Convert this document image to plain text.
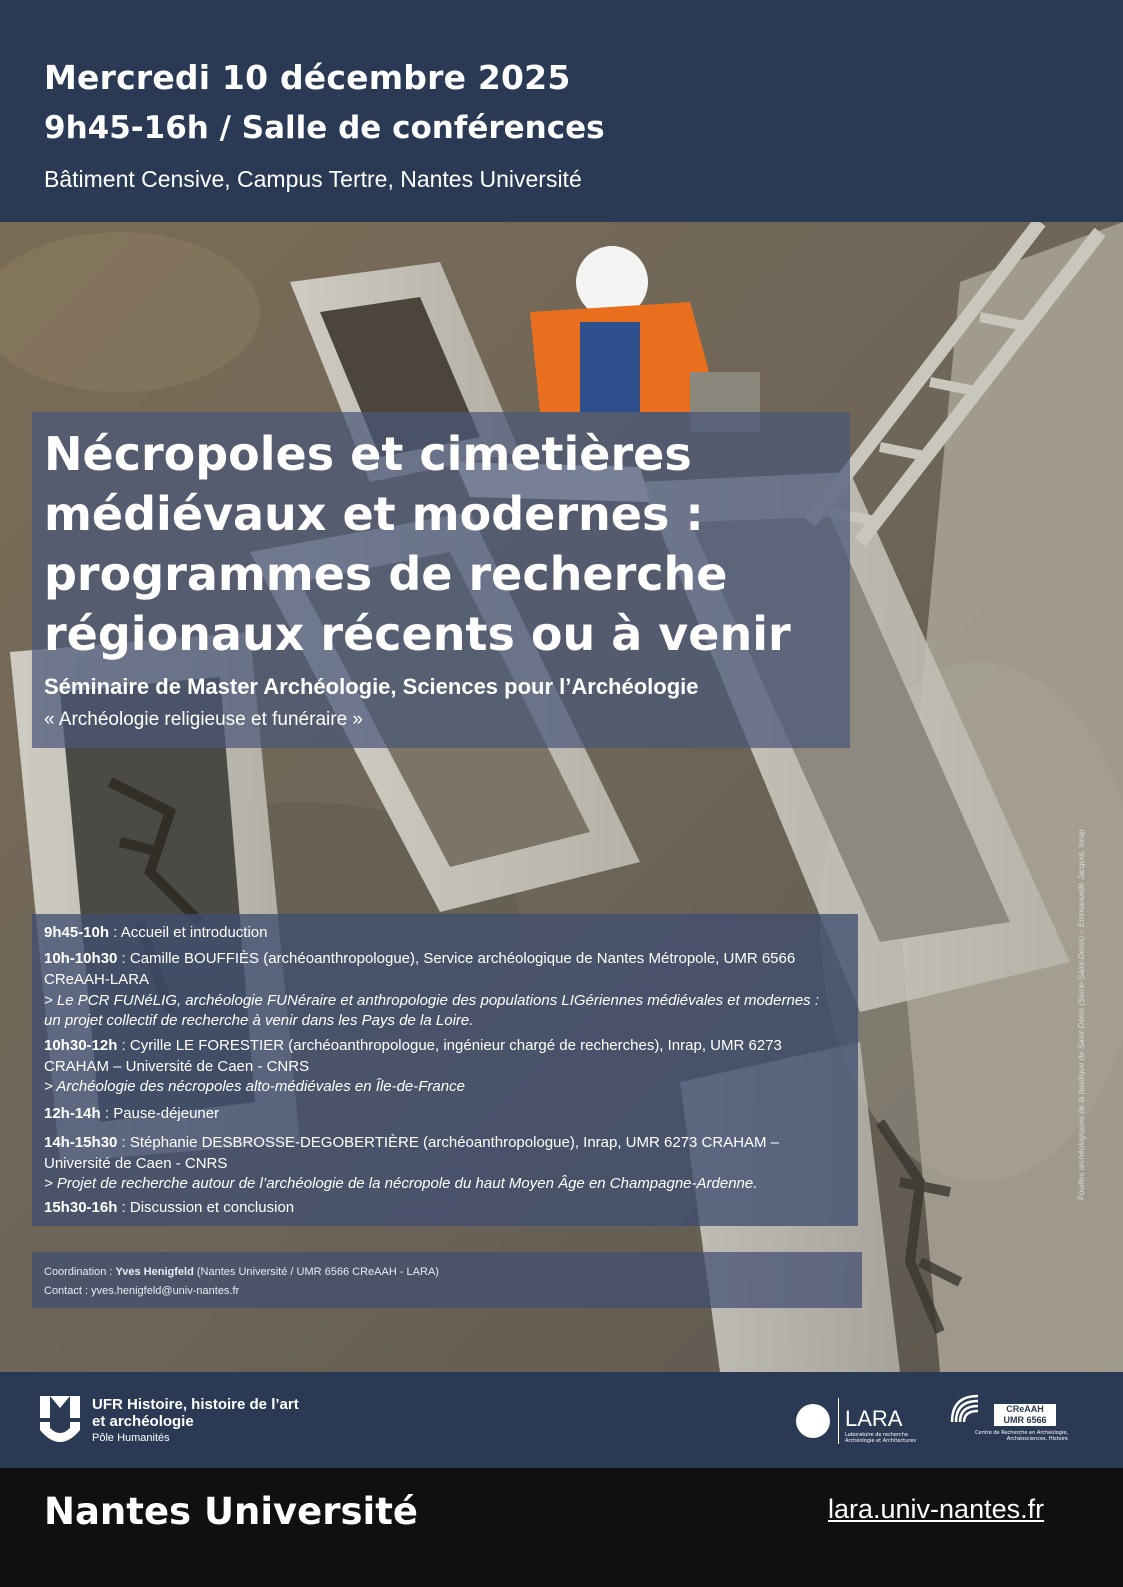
Mercredi 10 décembre 2025
9h45-16h / Salle de conférences
Bâtiment Censive, Campus Tertre, Nantes Université
Fouilles archéologiques de la basilique de Saint-Denis (Seine-Saint-Denis) – Emmanuelle Jacquot, Inrap
Nécropoles et cimetières
médiévaux et modernes :
programmes de recherche
régionaux récents ou à venir
Séminaire de Master Archéologie, Sciences pour l’Archéologie
« Archéologie religieuse et funéraire »
9h45-10h : Accueil et introduction
10h-10h30 : Camille BOUFFIÈS (archéoanthropologue), Service archéologique de Nantes Métropole, UMR 6566
CReAAH-LARA
> Le PCR FUNéLIG, archéologie FUNéraire et anthropologie des populations LIGériennes médiévales et modernes :
un projet collectif de recherche à venir dans les Pays de la Loire.
10h30-12h : Cyrille LE FORESTIER (archéoanthropologue, ingénieur chargé de recherches), Inrap, UMR 6273
CRAHAM – Université de Caen - CNRS
> Archéologie des nécropoles alto-médiévales en Île-de-France
12h-14h : Pause-déjeuner
14h-15h30 : Stéphanie DESBROSSE-DEGOBERTIÈRE (archéoanthropologue), Inrap, UMR 6273 CRAHAM –
Université de Caen - CNRS
> Projet de recherche autour de l’archéologie de la nécropole du haut Moyen Âge en Champagne-Ardenne.
15h30-16h : Discussion et conclusion
Coordination : Yves Henigfeld (Nantes Université / UMR 6566 CReAAH - LARA)
Contact : yves.henigfeld@univ-nantes.fr
UFR Histoire, histoire de l’art
et archéologie
Pôle Humanités
LARA
Laboratoire de recherche Archéologie et Architectures
CReAAH
UMR 6566
Centre de Recherche en Archéologie, Archéosciences, Histoire
Nantes Université	lara.univ-nantes.fr
